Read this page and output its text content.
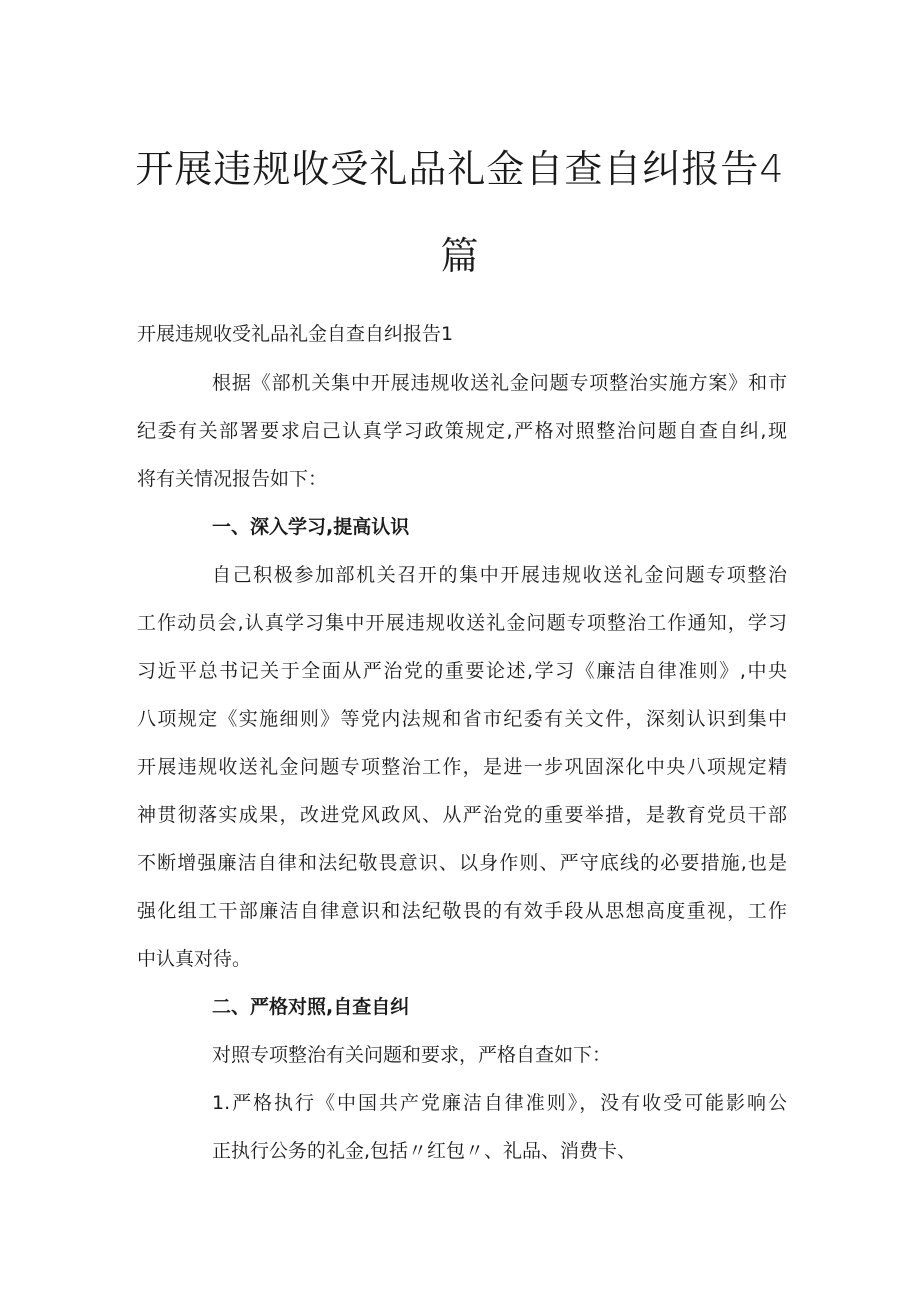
开展违规收受礼品礼金自查自纠报告4
篇

开展违规收受礼品礼金自查自纠报告1

根据《部机关集中开展违规收送礼金问题专项整治实施方案》和市

纪委有关部署要求启己认真学习政策规定,严格对照整治问题自查自纠,现

将有关情况报告如下：

一、深入学习,提高认识

自己积极参加部机关召开的集中开展违规收送礼金问题专项整治

工作动员会,认真学习集中开展违规收送礼金问题专项整治工作通知，学习

习近平总书记关于全面从严治党的重要论述,学习《廉洁自律准则》,中央

八项规定《实施细则》等党内法规和省市纪委有关文件，深刻认识到集中

开展违规收送礼金问题专项整治工作，是进一步巩固深化中央八项规定精

神贯彻落实成果，改进党风政风、从严治党的重要举措，是教育党员干部

不断增强廉洁自律和法纪敬畏意识、以身作则、严守底线的必要措施,也是

强化组工干部廉洁自律意识和法纪敬畏的有效手段从思想高度重视，工作

中认真对待。

二、严格对照,自查自纠

对照专项整治有关问题和要求，严格自查如下：

1.严格执行《中国共产党廉洁自律准则》，没有收受可能影响公

正执行公务的礼金,包括〃红包〃、礼品、消费卡、
